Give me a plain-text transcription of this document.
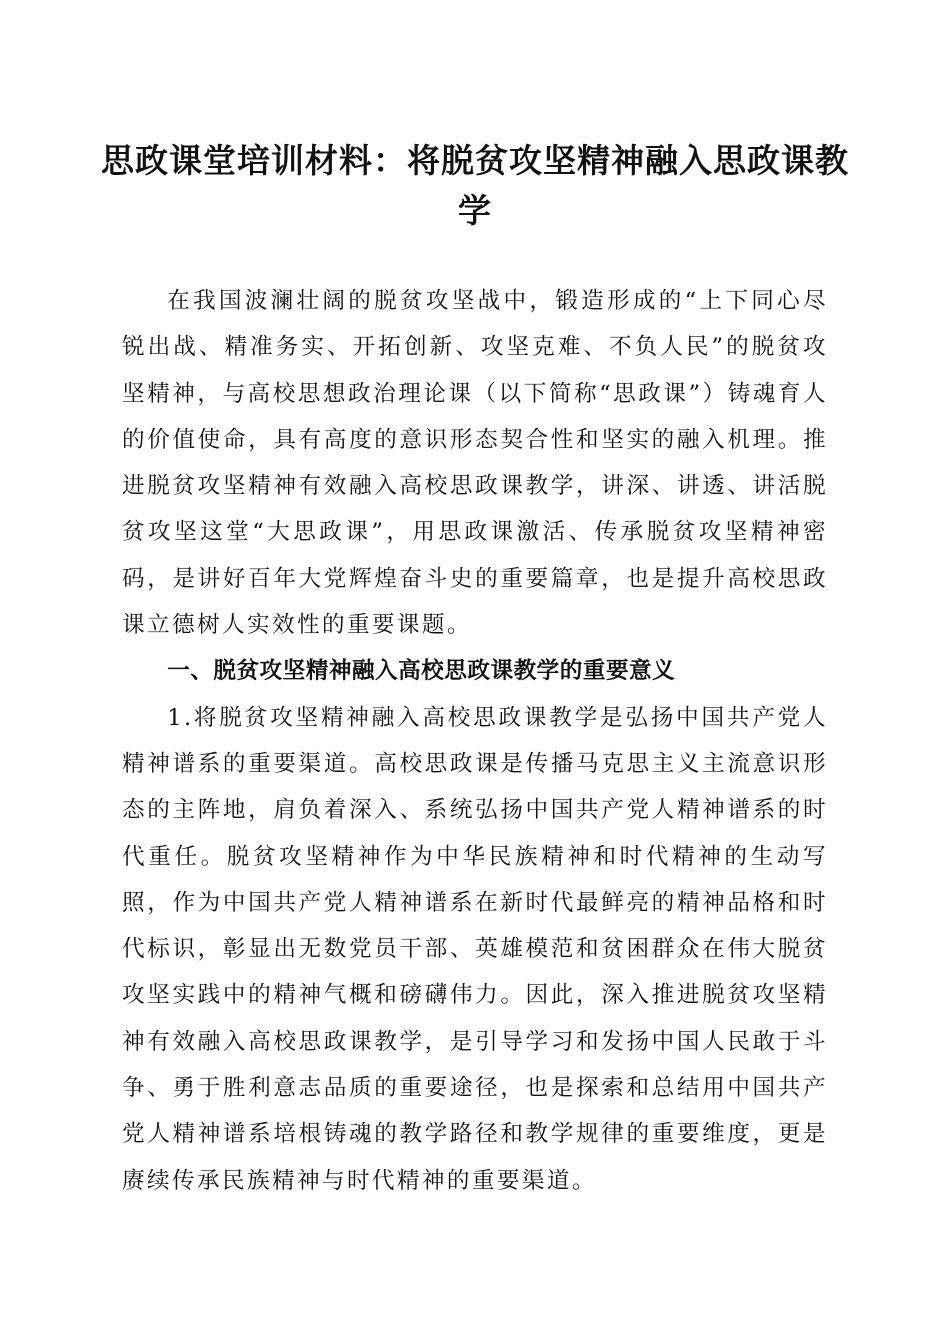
思政课堂培训材料：将脱贫攻坚精神融入思政课教学

在我国波澜壮阔的脱贫攻坚战中，锻造形成的“上下同心尽锐出战、精准务实、开拓创新、攻坚克难、不负人民”的脱贫攻坚精神，与高校思想政治理论课（以下简称“思政课”）铸魂育人的价值使命，具有高度的意识形态契合性和坚实的融入机理。推进脱贫攻坚精神有效融入高校思政课教学，讲深、讲透、讲活脱贫攻坚这堂“大思政课”，用思政课激活、传承脱贫攻坚精神密码，是讲好百年大党辉煌奋斗史的重要篇章，也是提升高校思政课立德树人实效性的重要课题。

一、脱贫攻坚精神融入高校思政课教学的重要意义

1.将脱贫攻坚精神融入高校思政课教学是弘扬中国共产党人精神谱系的重要渠道。高校思政课是传播马克思主义主流意识形态的主阵地，肩负着深入、系统弘扬中国共产党人精神谱系的时代重任。脱贫攻坚精神作为中华民族精神和时代精神的生动写照，作为中国共产党人精神谱系在新时代最鲜亮的精神品格和时代标识，彰显出无数党员干部、英雄模范和贫困群众在伟大脱贫攻坚实践中的精神气概和磅礴伟力。因此，深入推进脱贫攻坚精神有效融入高校思政课教学，是引导学习和发扬中国人民敢于斗争、勇于胜利意志品质的重要途径，也是探索和总结用中国共产党人精神谱系培根铸魂的教学路径和教学规律的重要维度，更是赓续传承民族精神与时代精神的重要渠道。
